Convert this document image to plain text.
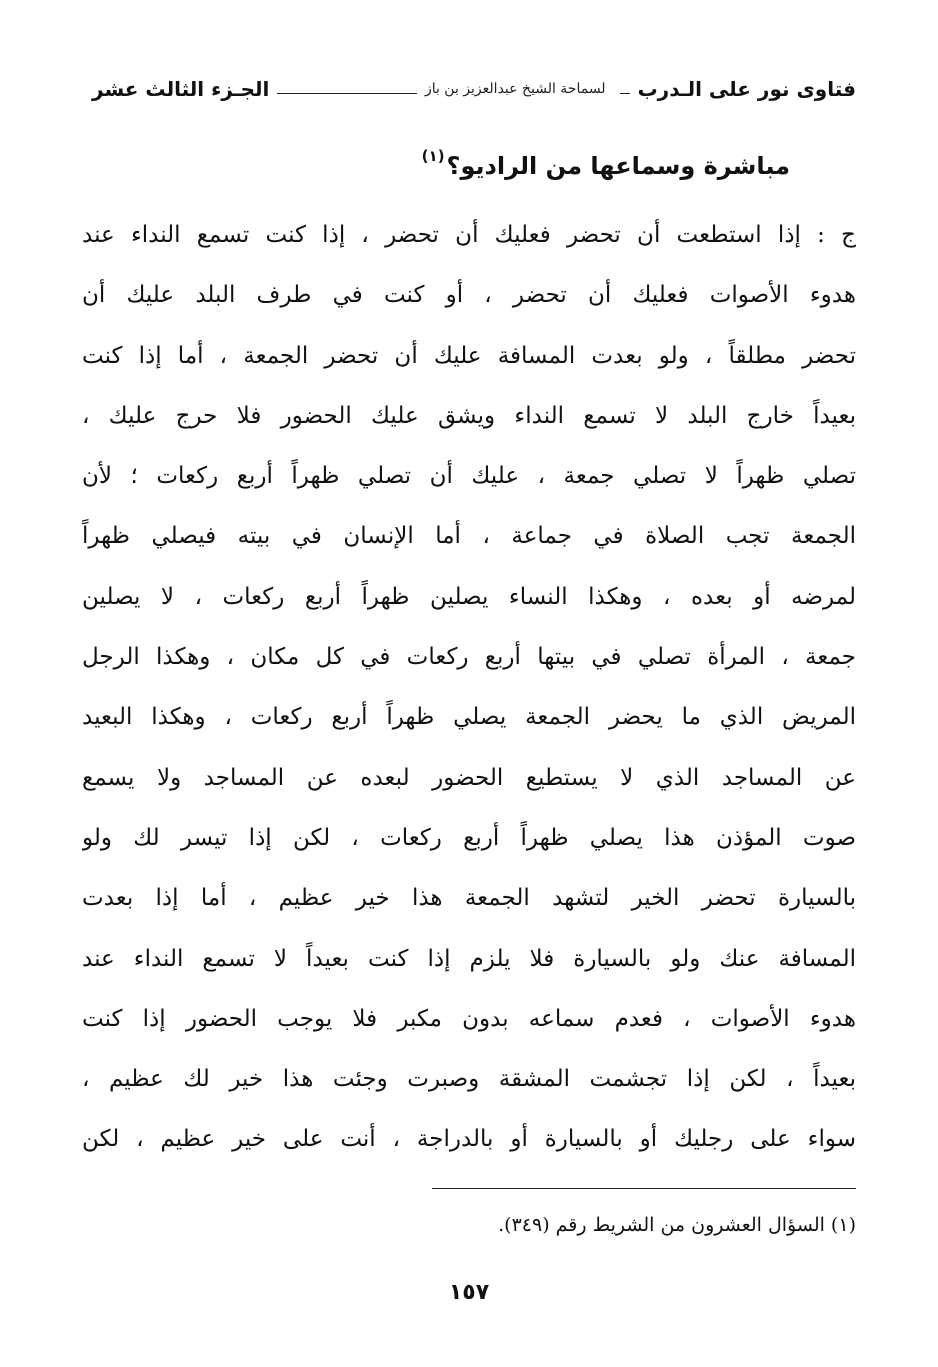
فتاوى نور على الـدرب
لسماحة الشيخ عبدالعزيز بن باز
الجـزء الثالث عشر
مباشرة وسماعها من الراديو؟$^{(١)}$
ج : إذا استطعت أن تحضر فعليك أن تحضر ، إذا كنت تسمع النداء عند
هدوء الأصوات فعليك أن تحضر ، أو كنت في طرف البلد عليك أن
تحضر مطلقاً ، ولو بعدت المسافة عليك أن تحضر الجمعة ، أما إذا كنت
بعيداً خارج البلد لا تسمع النداء ويشق عليك الحضور فلا حرج عليك ،
تصلي ظهراً لا تصلي جمعة ، عليك أن تصلي ظهراً أربع ركعات ؛ لأن
الجمعة تجب الصلاة في جماعة ، أما الإنسان في بيته فيصلي ظهراً
لمرضه أو بعده ، وهكذا النساء يصلين ظهراً أربع ركعات ، لا يصلين
جمعة ، المرأة تصلي في بيتها أربع ركعات في كل مكان ، وهكذا الرجل
المريض الذي ما يحضر الجمعة يصلي ظهراً أربع ركعات ، وهكذا البعيد
عن المساجد الذي لا يستطيع الحضور لبعده عن المساجد ولا يسمع
صوت المؤذن هذا يصلي ظهراً أربع ركعات ، لكن إذا تيسر لك ولو
بالسيارة تحضر الخير لتشهد الجمعة هذا خير عظيم ، أما إذا بعدت
المسافة عنك ولو بالسيارة فلا يلزم إذا كنت بعيداً لا تسمع النداء عند
هدوء الأصوات ، فعدم سماعه بدون مكبر فلا يوجب الحضور إذا كنت
بعيداً ، لكن إذا تجشمت المشقة وصبرت وجئت هذا خير لك عظيم ،
سواء على رجليك أو بالسيارة أو بالدراجة ، أنت على خير عظيم ، لكن
(١) السؤال العشرون من الشريط رقم (٣٤٩).
١٥٧
